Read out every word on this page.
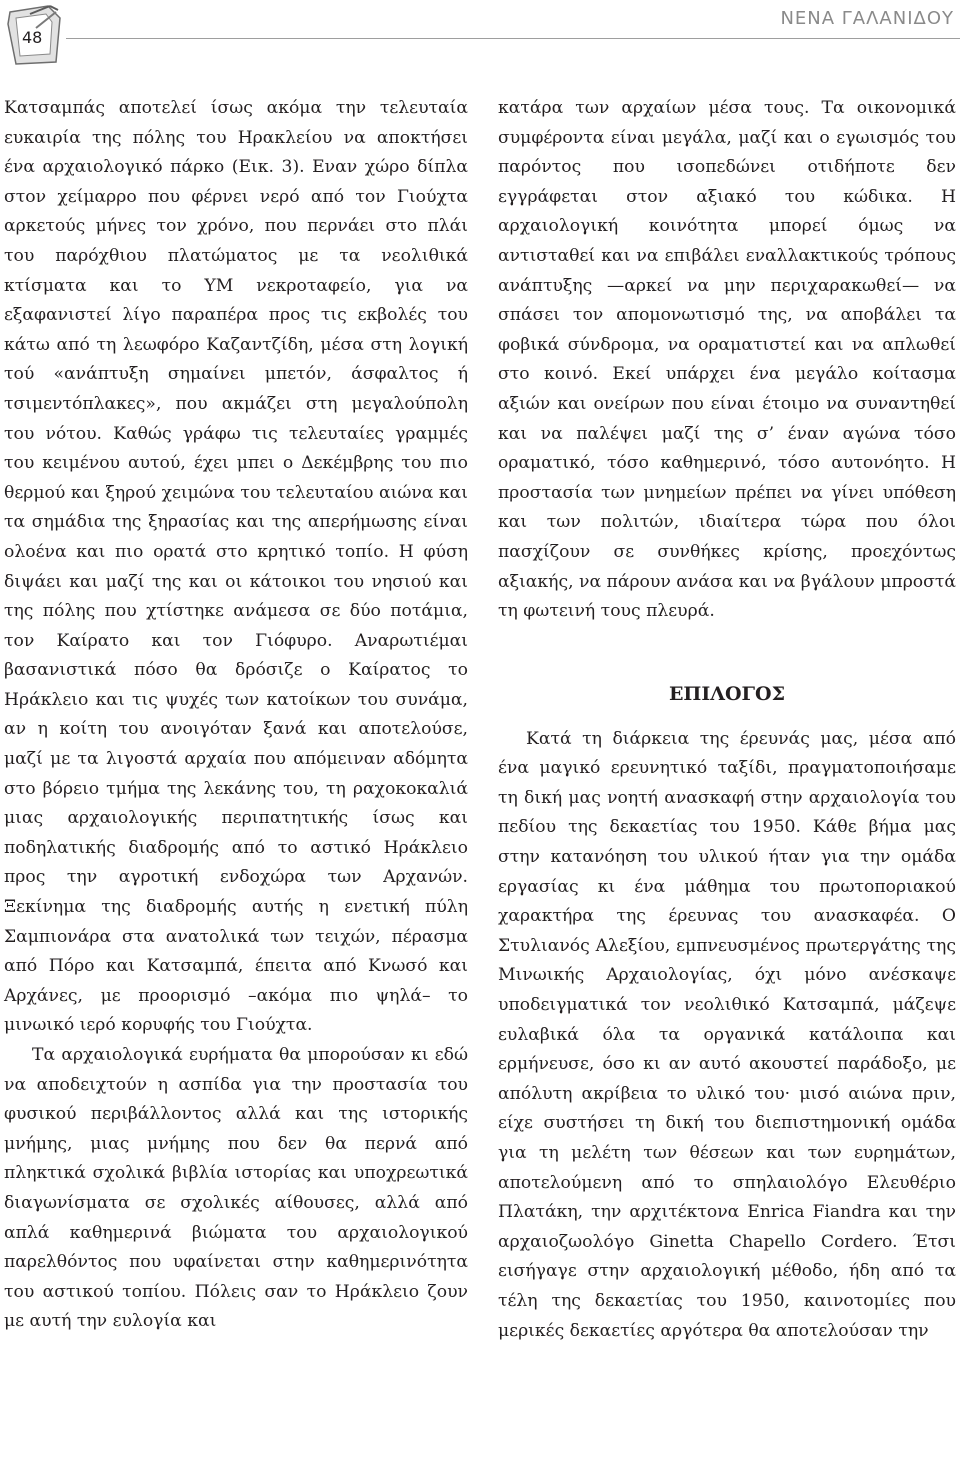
48
ΝΕΝΑ ΓΑΛΑΝΙΔΟΥ

Κατσαμπάς αποτελεί ίσως ακόμα την τελευταία ευκαιρία της πόλης του Ηρακλείου να αποκτήσει ένα αρχαιολογικό πάρκο (Εικ. 3). Εναν χώρο δίπλα στον χείμαρρο που φέρνει νερό από τον Γιούχτα αρκετούς μήνες τον χρόνο, που περνάει στο πλάι του παρόχθιου πλατώματος με τα νεολιθικά κτίσματα και το ΥΜ νεκροταφείο, για να εξαφανιστεί λίγο παραπέρα προς τις εκβολές του κάτω από τη λεωφόρο Καζαντζίδη, μέσα στη λογική τού «ανάπτυξη σημαίνει μπετόν, άσφαλτος ή τσιμεντόπλακες», που ακμάζει στη μεγαλούπολη του νότου. Καθώς γράφω τις τελευταίες γραμμές του κειμένου αυτού, έχει μπει ο Δεκέμβρης του πιο θερμού και ξηρού χειμώνα του τελευταίου αιώνα και τα σημάδια της ξηρασίας και της απερήμωσης είναι ολοένα και πιο ορατά στο κρητικό τοπίο. Η φύση διψάει και μαζί της και οι κάτοικοι του νησιού και της πόλης που χτίστηκε ανάμεσα σε δύο ποτάμια, τον Καίρατο και τον Γιόφυρο. Αναρωτιέμαι βασανιστικά πόσο θα δρόσιζε ο Καίρατος το Ηράκλειο και τις ψυχές των κατοίκων του συνάμα, αν η κοίτη του ανοιγόταν ξανά και αποτελούσε, μαζί με τα λιγοστά αρχαία που απόμειναν αδόμητα στο βόρειο τμήμα της λεκάνης του, τη ραχοκοκαλιά μιας αρχαιολογικής περιπατητικής ίσως και ποδηλατικής διαδρομής από το αστικό Ηράκλειο προς την αγροτική ενδοχώρα των Αρχανών. Ξεκίνημα της διαδρομής αυτής η ενετική πύλη Σαμπιονάρα στα ανατολικά των τειχών, πέρασμα από Πόρο και Κατσαμπά, έπειτα από Κνωσό και Αρχάνες, με προορισμό –ακόμα πιο ψηλά– το μινωικό ιερό κορυφής του Γιούχτα.

Τα αρχαιολογικά ευρήματα θα μπορούσαν κι εδώ να αποδειχτούν η ασπίδα για την προστασία του φυσικού περιβάλλοντος αλλά και της ιστορικής μνήμης, μιας μνήμης που δεν θα περνά από πληκτικά σχολικά βιβλία ιστορίας και υποχρεωτικά διαγωνίσματα σε σχολικές αίθουσες, αλλά από απλά καθημερινά βιώματα του αρχαιολογικού παρελθόντος που υφαίνεται στην καθημερινότητα του αστικού τοπίου. Πόλεις σαν το Ηράκλειο ζουν με αυτή την ευλογία και

κατάρα των αρχαίων μέσα τους. Τα οικονομικά συμφέροντα είναι μεγάλα, μαζί και ο εγωισμός του παρόντος που ισοπεδώνει οτιδήποτε δεν εγγράφεται στον αξιακό του κώδικα. Η αρχαιολογική κοινότητα μπορεί όμως να αντισταθεί και να επιβάλει εναλλακτικούς τρόπους ανάπτυξης —αρκεί να μην περιχαρακωθεί— να σπάσει τον απομονωτισμό της, να αποβάλει τα φοβικά σύνδρομα, να οραματιστεί και να απλωθεί στο κοινό. Εκεί υπάρχει ένα μεγάλο κοίτασμα αξιών και ονείρων που είναι έτοιμο να συναντηθεί και να παλέψει μαζί της σ’ έναν αγώνα τόσο οραματικό, τόσο καθημερινό, τόσο αυτονόητο. Η προστασία των μνημείων πρέπει να γίνει υπόθεση και των πολιτών, ιδιαίτερα τώρα που όλοι πασχίζουν σε συνθήκες κρίσης, προεχόντως αξιακής, να πάρουν ανάσα και να βγάλουν μπροστά τη φωτεινή τους πλευρά.

ΕΠΙΛΟΓΟΣ

Κατά τη διάρκεια της έρευνάς μας, μέσα από ένα μαγικό ερευνητικό ταξίδι, πραγματοποιήσαμε τη δική μας νοητή ανασκαφή στην αρχαιολογία του πεδίου της δεκαετίας του 1950. Κάθε βήμα μας στην κατανόηση του υλικού ήταν για την ομάδα εργασίας κι ένα μάθημα του πρωτοποριακού χαρακτήρα της έρευνας του ανασκαφέα. Ο Στυλιανός Αλεξίου, εμπνευσμένος πρωτεργάτης της Μινωικής Αρχαιολογίας, όχι μόνο ανέσκαψε υποδειγματικά τον νεολιθικό Κατσαμπά, μάζεψε ευλαβικά όλα τα οργανικά κατάλοιπα και ερμήνευσε, όσο κι αν αυτό ακουστεί παράδοξο, με απόλυτη ακρίβεια το υλικό του· μισό αιώνα πριν, είχε συστήσει τη δική του διεπιστημονική ομάδα για τη μελέτη των θέσεων και των ευρημάτων, αποτελούμενη από το σπηλαιολόγο Ελευθέριο Πλατάκη, την αρχιτέκτονα Enrica Fiandra και την αρχαιοζωολόγο Ginetta Chapello Cordero. Έτσι εισήγαγε στην αρχαιολογική μέθοδο, ήδη από τα τέλη της δεκαετίας του 1950, καινοτομίες που μερικές δεκαετίες αργότερα θα αποτελούσαν την
